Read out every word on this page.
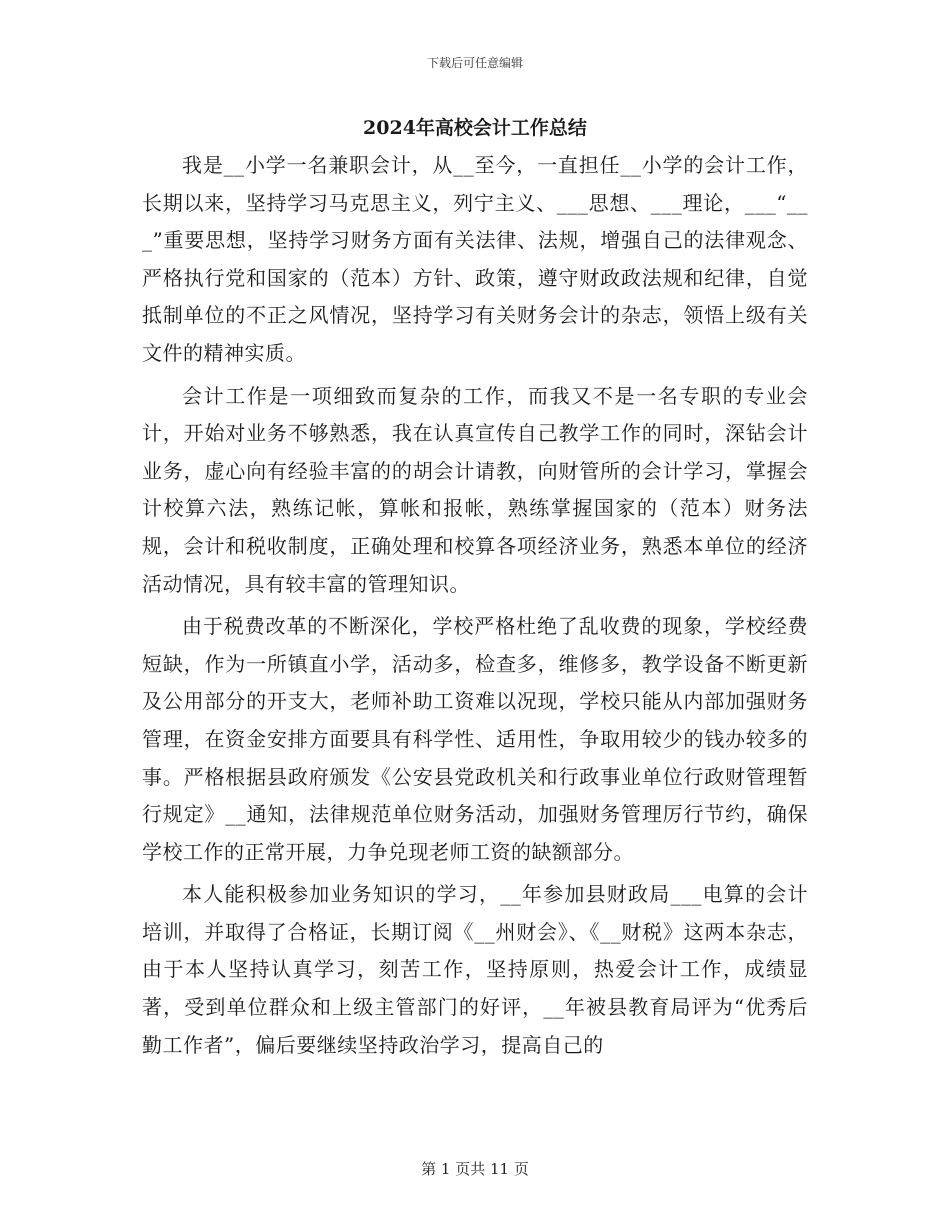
下载后可任意编辑
2024年高校会计工作总结

我是__小学一名兼职会计，从__至今，一直担任__小学的会计工作，长期以来，坚持学习马克思主义，列宁主义、___思想、___理论，___“___”重要思想，坚持学习财务方面有关法律、法规，增强自己的法律观念、严格执行党和国家的（范本）方针、政策，遵守财政政法规和纪律，自觉抵制单位的不正之风情况，坚持学习有关财务会计的杂志，领悟上级有关文件的精神实质。

会计工作是一项细致而复杂的工作，而我又不是一名专职的专业会计，开始对业务不够熟悉，我在认真宣传自己教学工作的同时，深钻会计业务，虚心向有经验丰富的的胡会计请教，向财管所的会计学习，掌握会计校算六法，熟练记帐，算帐和报帐，熟练掌握国家的（范本）财务法规，会计和税收制度，正确处理和校算各项经济业务，熟悉本单位的经济活动情况，具有较丰富的管理知识。

由于税费改革的不断深化，学校严格杜绝了乱收费的现象，学校经费短缺，作为一所镇直小学，活动多，检查多，维修多，教学设备不断更新及公用部分的开支大，老师补助工资难以况现，学校只能从内部加强财务管理，在资金安排方面要具有科学性、适用性，争取用较少的钱办较多的事。严格根据县政府颁发《公安县党政机关和行政事业单位行政财管理暂行规定》__通知，法律规范单位财务活动，加强财务管理厉行节约，确保学校工作的正常开展，力争兑现老师工资的缺额部分。

本人能积极参加业务知识的学习，__年参加县财政局___电算的会计培训，并取得了合格证，长期订阅《__州财会》、《__财税》这两本杂志，由于本人坚持认真学习，刻苦工作，坚持原则，热爱会计工作，成绩显著，受到单位群众和上级主管部门的好评，__年被县教育局评为“优秀后勤工作者”，偏后要继续坚持政治学习，提高自己的

第 1 页共 11 页
